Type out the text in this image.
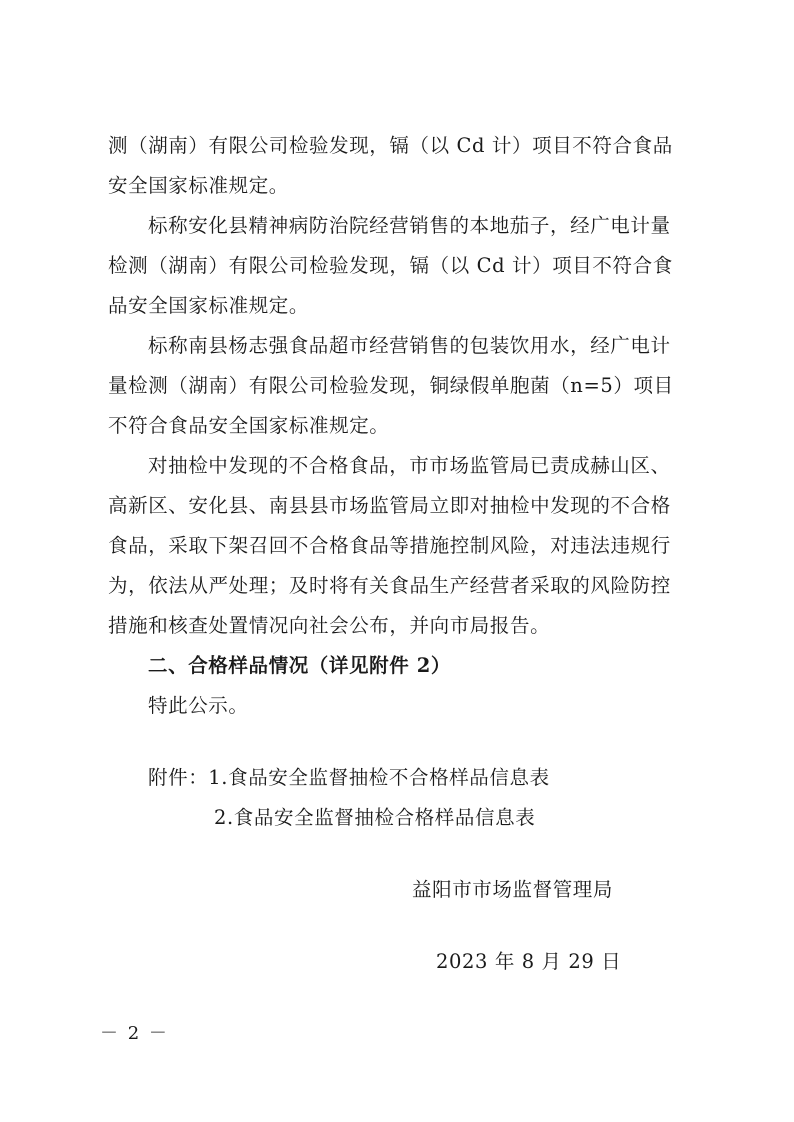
测（湖南）有限公司检验发现，镉（以 Cd 计）项目不符合食品
安全国家标准规定。
标称安化县精神病防治院经营销售的本地茄子，经广电计量
检测（湖南）有限公司检验发现，镉（以 Cd 计）项目不符合食
品安全国家标准规定。
标称南县杨志强食品超市经营销售的包装饮用水，经广电计
量检测（湖南）有限公司检验发现，铜绿假单胞菌（n=5）项目
不符合食品安全国家标准规定。
对抽检中发现的不合格食品，市市场监管局已责成赫山区、
高新区、安化县、南县县市场监管局立即对抽检中发现的不合格
食品，采取下架召回不合格食品等措施控制风险，对违法违规行
为，依法从严处理；及时将有关食品生产经营者采取的风险防控
措施和核查处置情况向社会公布，并向市局报告。
二、合格样品情况（详见附件 2）
特此公示。
附件：1.食品安全监督抽检不合格样品信息表
2.食品安全监督抽检合格样品信息表
益阳市市场监督管理局
2023 年 8 月 29 日
－ 2 －
